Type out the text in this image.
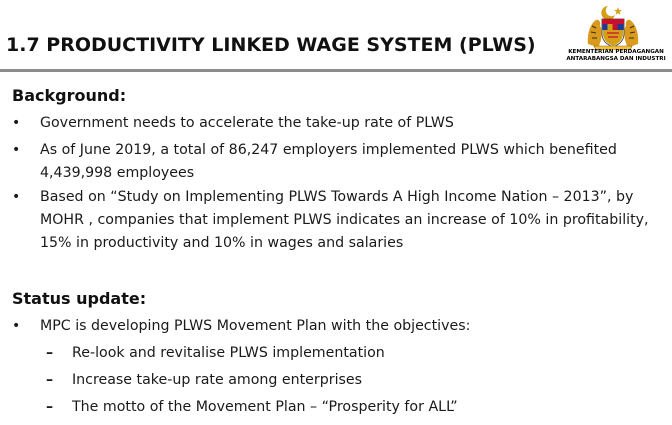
1.7 PRODUCTIVITY LINKED WAGE SYSTEM (PLWS)	KEMENTERIAN PERDAGANGAN
ANTARABANGSA DAN INDUSTRI
Background:
• Government needs to accelerate the take-up rate of PLWS
• As of June 2019, a total of 86,247 employers implemented PLWS which benefited 4,439,998 employees
• Based on “Study on Implementing PLWS Towards A High Income Nation – 2013”, by MOHR , companies that implement PLWS indicates an increase of 10% in profitability, 15% in productivity and 10% in wages and salaries
Status update:
• MPC is developing PLWS Movement Plan with the objectives:
– Re-look and revitalise PLWS implementation
– Increase take-up rate among enterprises
– The motto of the Movement Plan – “Prosperity for ALL”
